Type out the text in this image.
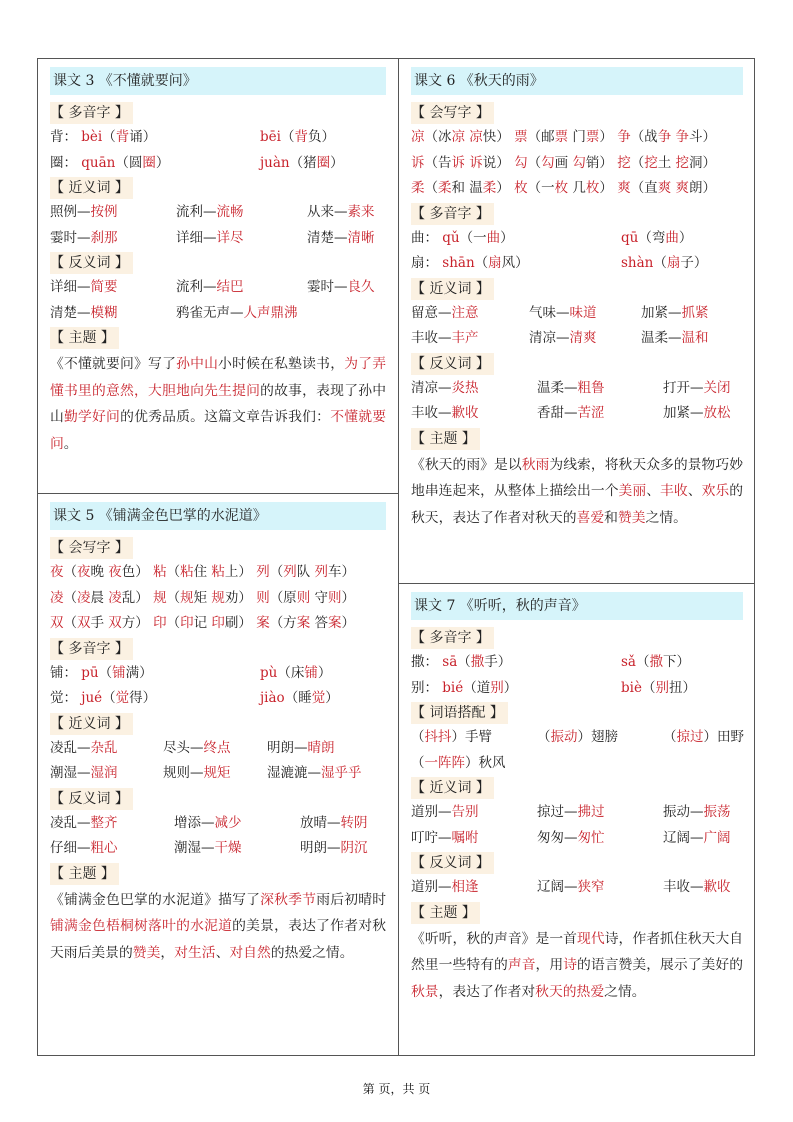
课文 3 《不懂就要问》
【 多音字 】
背： bèi（背诵）	bēi（背负）
圈： quān（圆圈）	juàn（猪圈）
【 近义词 】
照例—按例	流利—流畅	从来—素来
霎时—刹那	详细—详尽	清楚—清晰
【 反义词 】
详细—简要	流利—结巴	霎时—良久
清楚—模糊	鸦雀无声—人声鼎沸
【 主题 】
《不懂就要问》写了孙中山小时候在私塾读书，为了弄懂书里的意然，大胆地向先生提问的故事，表现了孙中山勤学好问的优秀品质。这篇文章告诉我们：不懂就要问。
课文 5 《铺满金色巴掌的水泥道》
【 会写字 】
夜（夜晚 夜色） 粘（粘住 粘上） 列（列队 列车）
凌（凌晨 凌乱） 规（规矩 规劝） 则（原则 守则）
双（双手 双方） 印（印记 印刷） 案（方案 答案）
【 多音字 】
铺： pū（铺满）	pù（床铺）
觉： jué（觉得）	jiào（睡觉）
【 近义词 】
凌乱—杂乱	尽头—终点	明朗—晴朗
潮湿—湿润	规则—规矩	湿漉漉—湿乎乎
【 反义词 】
凌乱—整齐	增添—减少	放晴—转阴
仔细—粗心	潮湿—干燥	明朗—阴沉
【 主题 】
《铺满金色巴掌的水泥道》描写了深秋季节雨后初晴时铺满金色梧桐树落叶的水泥道的美景，表达了作者对秋天雨后美景的赞美，对生活、对自然的热爱之情。
课文 6 《秋天的雨》
【 会写字 】
凉（冰凉 凉快） 票（邮票 门票） 争（战争 争斗）
诉（告诉 诉说） 勾（勾画 勾销） 挖（挖土 挖洞）
柔（柔和 温柔） 枚（一枚 几枚） 爽（直爽 爽朗）
【 多音字 】
曲： qǔ（一曲）	qū（弯曲）
扇： shān（扇风）	shàn（扇子）
【 近义词 】
留意—注意	气味—味道	加紧—抓紧
丰收—丰产	清凉—清爽	温柔—温和
【 反义词 】
清凉—炎热	温柔—粗鲁	打开—关闭
丰收—歉收	香甜—苦涩	加紧—放松
【 主题 】
《秋天的雨》是以秋雨为线索，将秋天众多的景物巧妙地串连起来，从整体上描绘出一个美丽、丰收、欢乐的秋天，表达了作者对秋天的喜爱和赞美之情。
课文 7 《听听，秋的声音》
【 多音字 】
撒： sā（撒手）	sǎ（撒下）
别： bié（道别）	biè（别扭）
【 词语搭配 】
（抖抖）手臂	（振动）翅膀	（掠过）田野
（一阵阵）秋风
【 近义词 】
道别—告别	掠过—拂过	振动—振荡
叮咛—嘱咐	匆匆—匆忙	辽阔—广阔
【 反义词 】
道别—相逢	辽阔—狭窄	丰收—歉收
【 主题 】
《听听，秋的声音》是一首现代诗，作者抓住秋天大自然里一些特有的声音，用诗的语言赞美，展示了美好的秋景，表达了作者对秋天的热爱之情。
第 页，共 页
